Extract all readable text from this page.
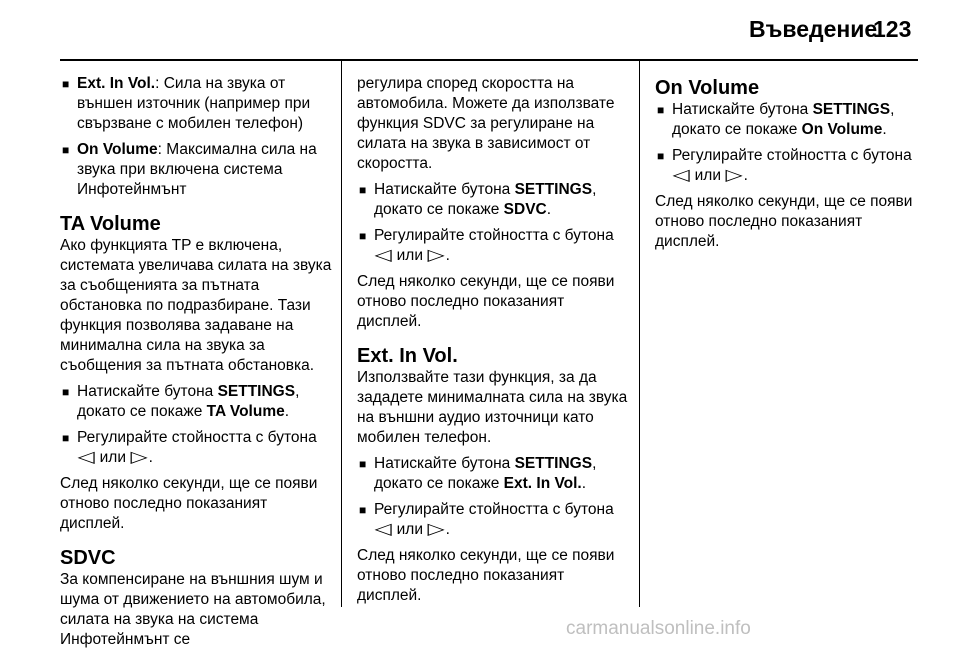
Въведение
123
■ Ext. In Vol.: Сила на звука от външен източник (например при свързване с мобилен телефон)
■ On Volume: Максимална сила на звука при включена система Инфотейнмънт
TA Volume

Ако функцията TP е включена, системата увеличава силата на звука за съобщенията за пътната обстановка по подразбиране. Тази функция позволява задаване на минимална сила на звука за съобщения за пътната обстановка.

■ Натискайте бутона SETTINGS, докато се покаже TA Volume.
■ Регулирайте стойността с бутона
◁ или ▷.

След няколко секунди, ще се появи отново последно показаният дисплей.

SDVC

За компенсиране на външния шум и шума от движението на автомобила, силата на звука на система Инфотейнмънт се

регулира според скоростта на автомобила. Можете да използвате функция SDVC за регулиране на силата на звука в зависимост от скоростта.

■ Натискайте бутона SETTINGS, докато се покаже SDVC.
■ Регулирайте стойността с бутона
◁ или ▷.

След няколко секунди, ще се появи отново последно показаният дисплей.

Ext. In Vol.

Използвайте тази функция, за да зададете минималната сила на звука на външни аудио източници като мобилен телефон.

■ Натискайте бутона SETTINGS, докато се покаже Ext. In Vol..
■ Регулирайте стойността с бутона
◁ или ▷.

След няколко секунди, ще се появи отново последно показаният дисплей.

On Volume
■ Натискайте бутона SETTINGS, докато се покаже On Volume.
■ Регулирайте стойността с бутона
◁ или ▷.

След няколко секунди, ще се появи отново последно показаният дисплей.

carmanualsonline.info
